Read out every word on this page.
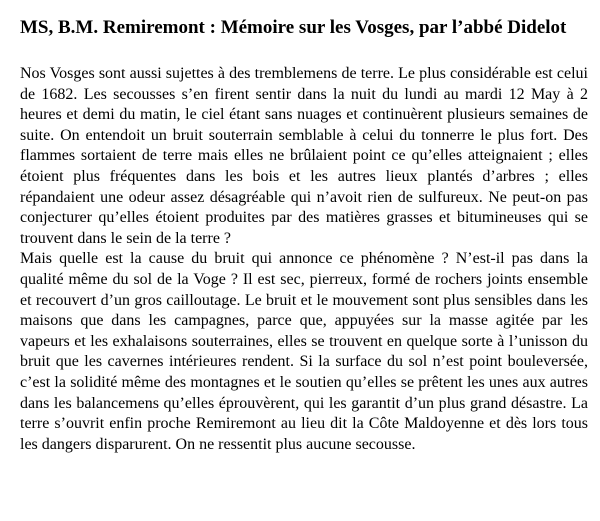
MS, B.M. Remiremont : Mémoire sur les Vosges, par l’abbé Didelot

Nos Vosges sont aussi sujettes à des tremblemens de terre. Le plus considérable est celui de 1682. Les secousses s’en firent sentir dans la nuit du lundi au mardi 12 May à 2 heures et demi du matin, le ciel étant sans nuages et continuèrent plusieurs semaines de suite. On entendoit un bruit souterrain semblable à celui du tonnerre le plus fort. Des flammes sortaient de terre mais elles ne brûlaient point ce qu’elles atteignaient ; elles étoient plus fréquentes dans les bois et les autres lieux plantés d’arbres ; elles répandaient une odeur assez désagréable qui n’avoit rien de sulfureux. Ne peut-on pas conjecturer qu’elles étoient produites par des matières grasses et bitumineuses qui se trouvent dans le sein de la terre ?

Mais quelle est la cause du bruit qui annonce ce phénomène ? N’est-il pas dans la qualité même du sol de la Voge ? Il est sec, pierreux, formé de rochers joints ensemble et recouvert d’un gros cailloutage. Le bruit et le mouvement sont plus sensibles dans les maisons que dans les campagnes, parce que, appuyées sur la masse agitée par les vapeurs et les exhalaisons souterraines, elles se trouvent en quelque sorte à l’unisson du bruit que les cavernes intérieures rendent. Si la surface du sol n’est point bouleversée, c’est la solidité même des montagnes et le soutien qu’elles se prêtent les unes aux autres dans les balancemens qu’elles éprouvèrent, qui les garantit d’un plus grand désastre. La terre s’ouvrit enfin proche Remiremont au lieu dit la Côte Maldoyenne et dès lors tous les dangers disparurent. On ne ressentit plus aucune secousse.
